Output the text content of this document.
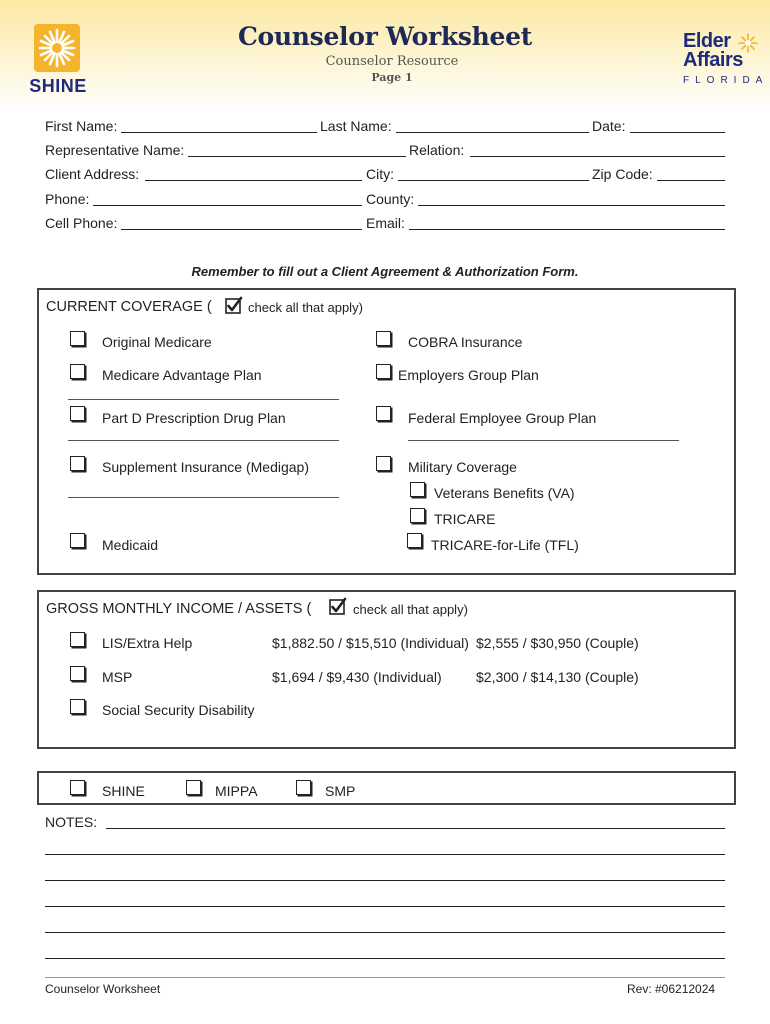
SHINE
Counselor Worksheet
Counselor Resource
Page 1
Elder
Affairs
FLORIDA
First Name:	Last Name:	Date:
Representative Name:	Relation:
Client Address:	City:	Zip Code:
Phone:	County:
Cell Phone:	Email:
Remember to fill out a Client Agreement & Authorization Form.
CURRENT COVERAGE (	check all that apply)
Original Medicare
Medicare Advantage Plan
Part D Prescription Drug Plan
Supplement Insurance (Medigap)
Medicaid
COBRA Insurance
Employers Group Plan
Federal Employee Group Plan
Military Coverage
Veterans Benefits (VA)
TRICARE
TRICARE-for-Life (TFL)
GROSS MONTHLY INCOME / ASSETS (	check all that apply)
LIS/Extra Help	$1,882.50 / $15,510 (Individual) $2,555 / $30,950 (Couple)
MSP	$1,694 / $9,430 (Individual) $2,300 / $14,130 (Couple)
Social Security Disability
SHINE	MIPPA	SMP
NOTES:
Counselor Worksheet	Rev: #06212024
